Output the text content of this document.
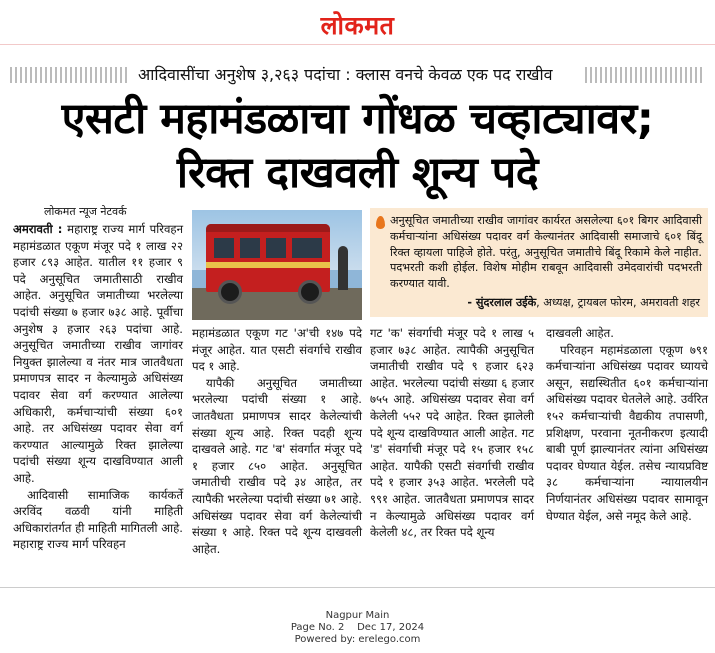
लोकमत
आदिवासींचा अनुशेष ३,२६३ पदांचा : क्लास वनचे केवळ एक पद राखीव
एसटी महामंडळाचा गोंधळ चव्हाट्यावर;
रिक्त दाखवली शून्य पदे
लोकमत न्यूज नेटवर्क

अमरावती : महाराष्ट्र राज्य मार्ग परिवहन महामंडळात एकूण मंजूर पदे १ लाख २२ हजार ८९३ आहेत. यातील ११ हजार ९ पदे अनुसूचित जमातीसाठी राखीव आहेत. अनुसूचित जमातीच्या भरलेल्या पदांची संख्या ७ हजार ७३८ आहे. पूर्वीचा अनुशेष ३ हजार २६३ पदांचा आहे. अनुसूचित जमातीच्या राखीव जागांवर नियुक्त झालेल्या व नंतर मात्र जातवैधता प्रमाणपत्र सादर न केल्यामुळे अधिसंख्य पदावर सेवा वर्ग करण्यात आलेल्या अधिकारी, कर्मचाऱ्यांची संख्या ६०१ आहे. तर अधिसंख्य पदावर सेवा वर्ग करण्यात आल्यामुळे रिक्त झालेल्या पदांची संख्या शून्य दाखविण्यात आली आहे.

आदिवासी सामाजिक कार्यकर्ते अरविंद वळवी यांनी माहिती अधिकारांतर्गत ही माहिती मागितली आहे. महाराष्ट्र राज्य मार्ग परिवहन

अनुसूचित जमातीच्या राखीव जागांवर कार्यरत असलेल्या ६०१ बिगर आदिवासी कर्मचाऱ्यांना अधिसंख्य पदावर वर्ग केल्यानंतर आदिवासी समाजाचे ६०१ बिंदू रिक्त व्हायला पाहिजे होते. परंतु, अनुसूचित जमातीचे बिंदू रिकामे केले नाहीत. पदभरती कशी होईल. विशेष मोहीम राबवून आदिवासी उमेदवारांची पदभरती करण्यात यावी.
- सुंदरलाल उईके, अध्यक्ष, ट्रायबल फोरम, अमरावती शहर

महामंडळात एकूण गट 'अ'ची १४७ पदे मंजूर आहेत. यात एसटी संवर्गाचे राखीव पद १ आहे.

यापैकी अनुसूचित जमातीच्या भरलेल्या पदांची संख्या १ आहे. जातवैधता प्रमाणपत्र सादर केलेल्यांची संख्या शून्य आहे. रिक्त पदही शून्य दाखवले आहे. गट 'ब' संवर्गात मंजूर पदे १ हजार ८५० आहेत. अनुसूचित जमातीची राखीव पदे ३४ आहेत, तर त्यापैकी भरलेल्या पदांची संख्या ७१ आहे. अधिसंख्य पदावर सेवा वर्ग केलेल्यांची संख्या १ आहे. रिक्त पदे शून्य दाखवली आहेत.

गट 'क' संवर्गाची मंजूर पदे १ लाख ५ हजार ७३८ आहेत. त्यापैकी अनुसूचित जमातीची राखीव पदे ९ हजार ६२३ आहेत. भरलेल्या पदांची संख्या ६ हजार ७५५ आहे. अधिसंख्य पदावर सेवा वर्ग केलेली ५५२ पदे आहेत. रिक्त झालेली पदे शून्य दाखविण्यात आली आहेत. गट 'ड' संवर्गाची मंजूर पदे १५ हजार १५८ आहेत. यापैकी एसटी संवर्गाची राखीव पदे १ हजार ३५३ आहेत. भरलेली पदे ९९१ आहेत. जातवैधता प्रमाणपत्र सादर न केल्यामुळे अधिसंख्य पदावर वर्ग केलेली ४८, तर रिक्त पदे शून्य

दाखवली आहेत.

परिवहन महामंडळाला एकूण ७९१ कर्मचाऱ्यांना अधिसंख्य पदावर घ्यायचे असून, सद्यस्थितीत ६०१ कर्मचाऱ्यांना अधिसंख्य पदावर घेतलेले आहे. उर्वरित १५२ कर्मचाऱ्यांची वैद्यकीय तपासणी, प्रशिक्षण, परवाना नूतनीकरण इत्यादी बाबी पूर्ण झाल्यानंतर त्यांना अधिसंख्य पदावर घेण्यात येईल. तसेच न्यायप्रविष्ट ३८ कर्मचाऱ्यांना न्यायालयीन निर्णयानंतर अधिसंख्य पदावर सामावून घेण्यात येईल, असे नमूद केले आहे.

Nagpur Main
Page No. 2    Dec 17, 2024
Powered by: erelego.com
